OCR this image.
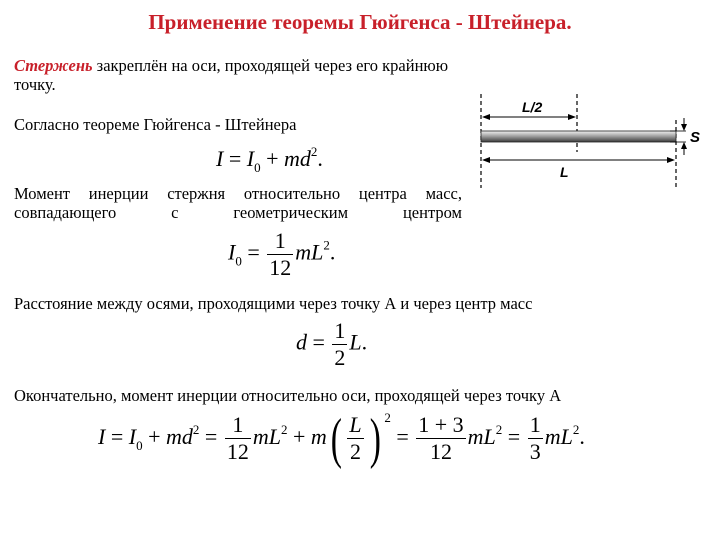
Применение теоремы Гюйгенса - Штейнера.
Стержень закреплён на оси, проходящей через его крайнюю точку.
Согласно теореме Гюйгенса - Штейнера
$I = I_0 + md^2$.
Момент инерции стержня относительно центра масс, совпадающего с геометрическим центром
$I_0 = \frac{1}{12} mL^2$.
Расстояние между осями, проходящими через точку А и через центр масс
$d = \frac{1}{2} L$.
Окончательно, момент инерции относительно оси, проходящей через точку А
$I = I_0 + md^2 = \frac{1}{12} mL^2 + m( \frac{L}{2}$ ) $^2 = \frac{1 + 3}{12} mL^2 = \frac{1}{3} mL^2$.
L/2
S
L
